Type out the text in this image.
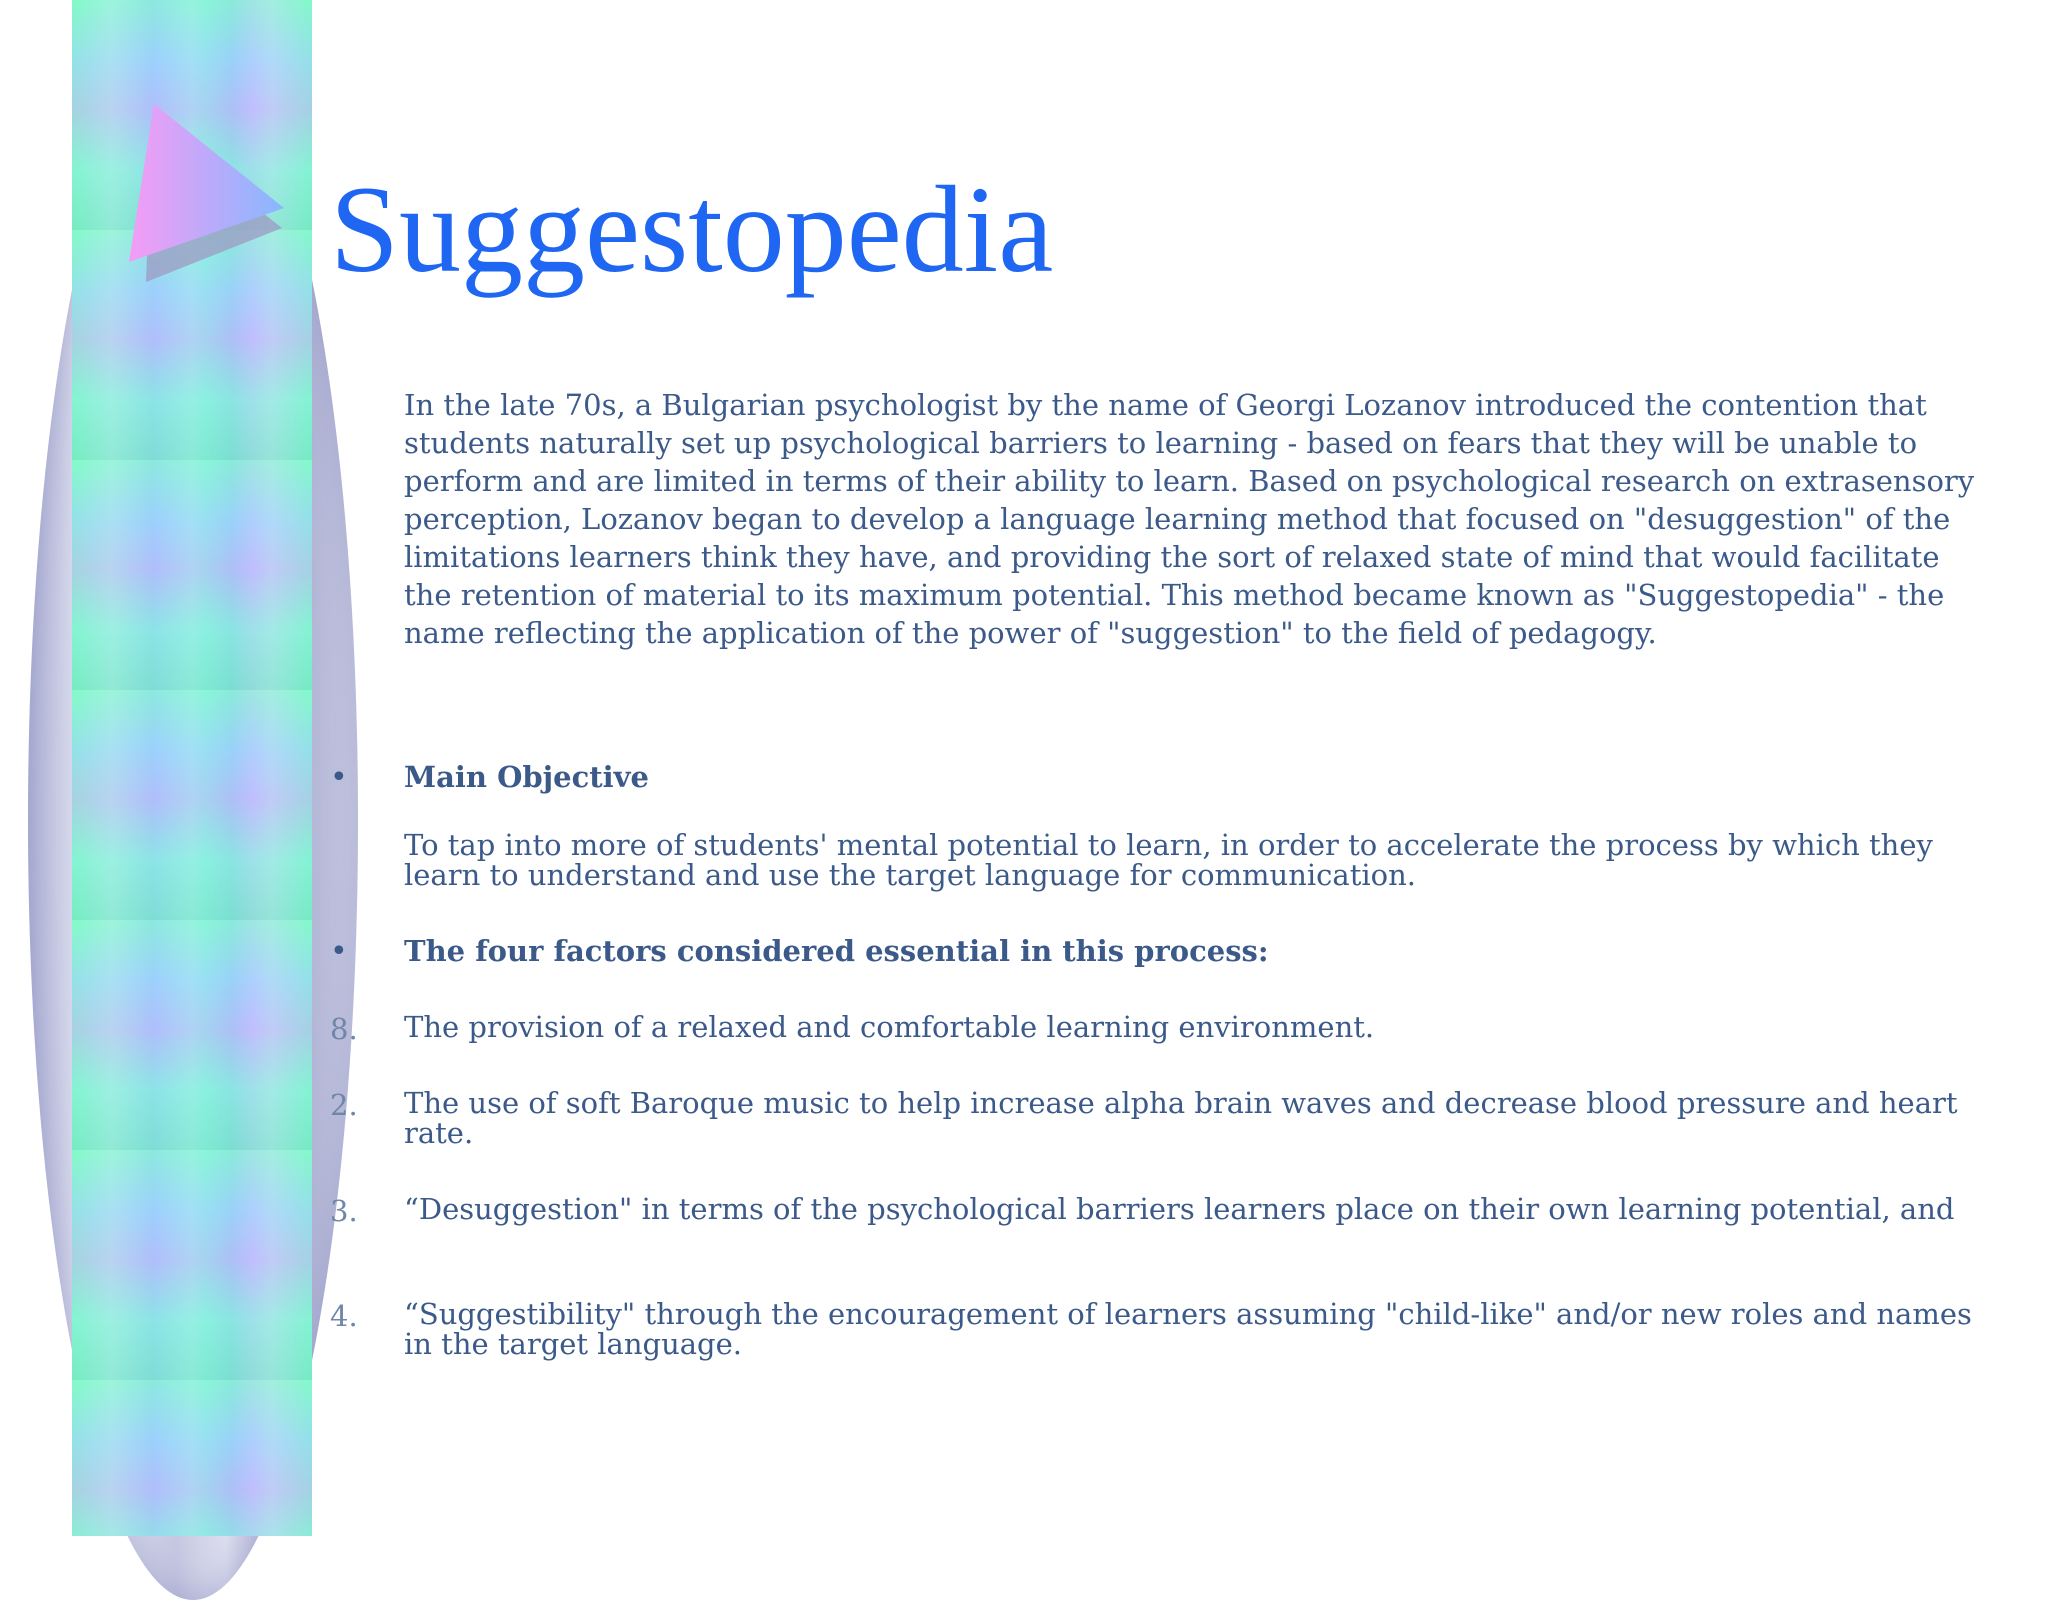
Suggestopedia

In the late 70s, a Bulgarian psychologist by the name of Georgi Lozanov introduced the contention that students naturally set up psychological barriers to learning - based on fears that they will be unable to perform and are limited in terms of their ability to learn. Based on psychological research on extrasensory perception, Lozanov began to develop a language learning method that focused on "desuggestion" of the limitations learners think they have, and providing the sort of relaxed state of mind that would facilitate the retention of material to its maximum potential. This method became known as "Suggestopedia" - the name reflecting the application of the power of "suggestion" to the field of pedagogy.

• Main Objective
To tap into more of students' mental potential to learn, in order to accelerate the process by which they learn to understand and use the target language for communication.
• The four factors considered essential in this process:
8. The provision of a relaxed and comfortable learning environment.
2. The use of soft Baroque music to help increase alpha brain waves and decrease blood pressure and heart rate.
3. “Desuggestion" in terms of the psychological barriers learners place on their own learning potential, and
4. “Suggestibility" through the encouragement of learners assuming "child-like" and/or new roles and names in the target language.
